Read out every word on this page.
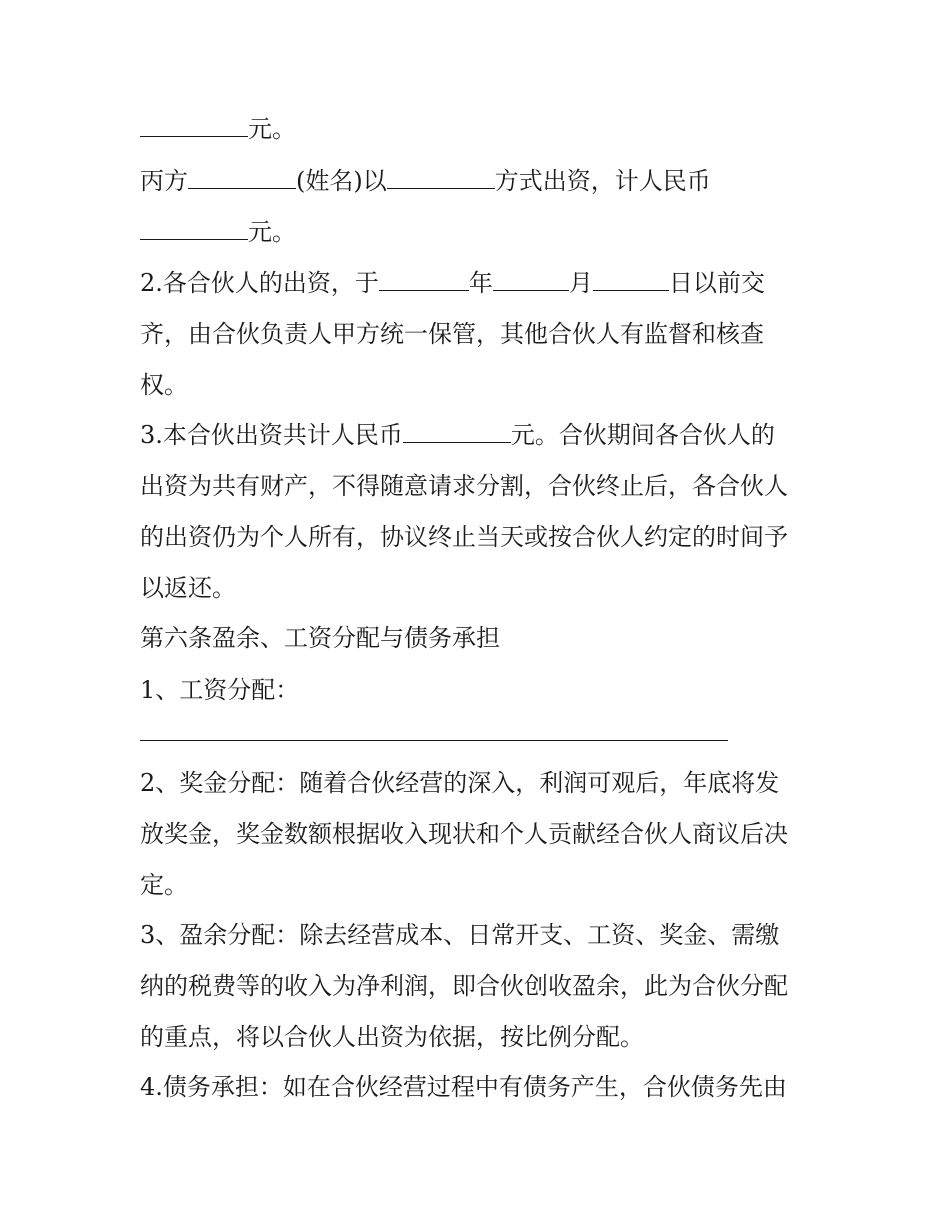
元。
丙方	(姓名)以	方式出资，计人民币
元。
2.各合伙人的出资，于	年	月	日以前交
齐，由合伙负责人甲方统一保管，其他合伙人有监督和核查
权。
3.本合伙出资共计人民币	元。合伙期间各合伙人的
出资为共有财产，不得随意请求分割，合伙终止后，各合伙人
的出资仍为个人所有，协议终止当天或按合伙人约定的时间予
以返还。
第六条盈余、工资分配与债务承担
1、工资分配：
2、奖金分配：随着合伙经营的深入，利润可观后，年底将发
放奖金，奖金数额根据收入现状和个人贡献经合伙人商议后决
定。
3、盈余分配：除去经营成本、日常开支、工资、奖金、需缴
纳的税费等的收入为净利润，即合伙创收盈余，此为合伙分配
的重点，将以合伙人出资为依据，按比例分配。
4.债务承担：如在合伙经营过程中有债务产生，合伙债务先由
